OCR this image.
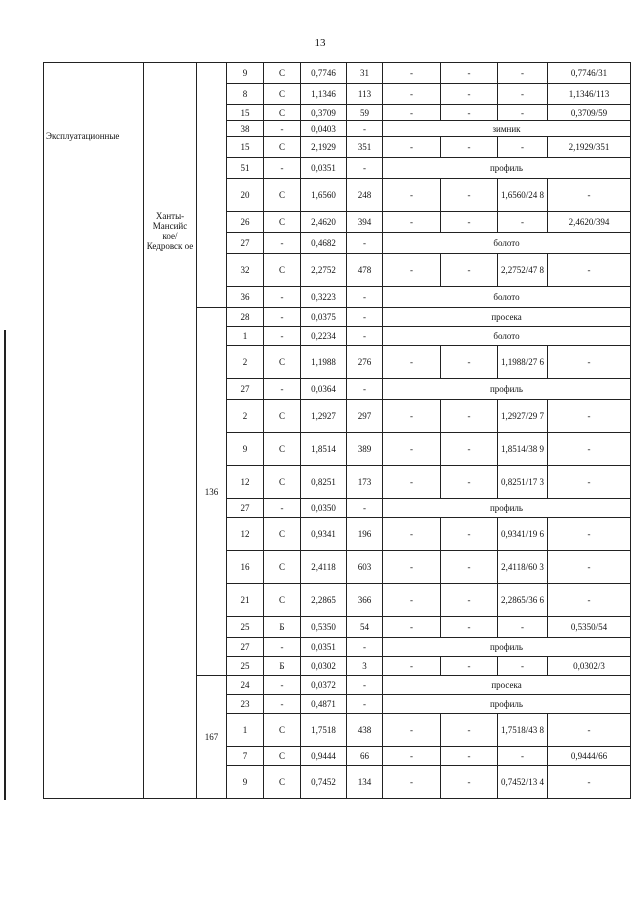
13
Эксплуатационные	Ханты-Мансийс кое/ Кедровск ое		9	С	0,7746	31	-	-	-	0,7746/31
			8	С	1,1346	113	-	-	-	1,1346/113
			15	С	0,3709	59	-	-	-	0,3709/59
			38	-	0,0403	-	зимник			
			15	С	2,1929	351	-	-	-	2,1929/351
			51	-	0,0351	-	профиль			
			20	С	1,6560	248	-	-	1,6560/24 8	-
			26	С	2,4620	394	-	-	-	2,4620/394
			27	-	0,4682	-	болото			
			32	С	2,2752	478	-	-	2,2752/47 8	-
			36	-	0,3223	-	болото			
		136	28	-	0,0375	-	просека			
			1	-	0,2234	-	болото			
			2	С	1,1988	276	-	-	1,1988/27 6	-
			27	-	0,0364	-	профиль			
			2	С	1,2927	297	-	-	1,2927/29 7	-
			9	С	1,8514	389	-	-	1,8514/38 9	-
			12	С	0,8251	173	-	-	0,8251/17 3	-
			27	-	0,0350	-	профиль			
			12	С	0,9341	196	-	-	0,9341/19 6	-
			16	С	2,4118	603	-	-	2,4118/60 3	-
			21	С	2,2865	366	-	-	2,2865/36 6	-
			25	Б	0,5350	54	-	-	-	0,5350/54
			27	-	0,0351	-	профиль			
			25	Б	0,0302	3	-	-	-	0,0302/3
		167	24	-	0,0372	-	просека			
			23	-	0,4871	-	профиль			
			1	С	1,7518	438	-	-	1,7518/43 8	-
			7	С	0,9444	66	-	-	-	0,9444/66
			9	С	0,7452	134	-	-	0,7452/13 4	-
